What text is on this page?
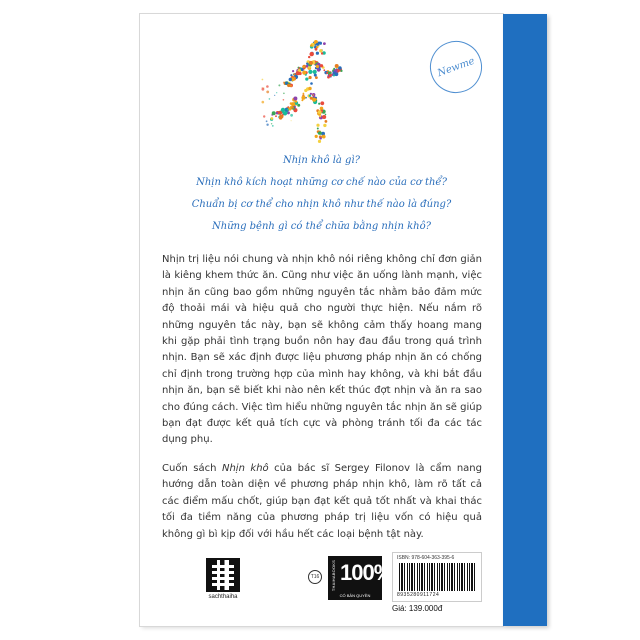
Newme
Nhịn khô là gì?
Nhịn khô kích hoạt những cơ chế nào của cơ thể?
Chuẩn bị cơ thể cho nhịn khô như thế nào là đúng?
Những bệnh gì có thể chữa bằng nhịn khô?

Nhịn trị liệu nói chung và nhịn khô nói riêng không chỉ đơn giản là kiêng khem thức ăn. Cũng như việc ăn uống lành mạnh, việc nhịn ăn cũng bao gồm những nguyên tắc nhằm bảo đảm mức độ thoải mái và hiệu quả cho người thực hiện. Nếu nắm rõ những nguyên tắc này, bạn sẽ không cảm thấy hoang mang khi gặp phải tình trạng buồn nôn hay đau đầu trong quá trình nhịn. Bạn sẽ xác định được liệu phương pháp nhịn ăn có chống chỉ định trong trường hợp của mình hay không, và khi bắt đầu nhịn ăn, bạn sẽ biết khi nào nên kết thúc đợt nhịn và ăn ra sao cho đúng cách. Việc tìm hiểu những nguyên tắc nhịn ăn sẽ giúp bạn đạt được kết quả tích cực và phòng tránh tối đa các tác dụng phụ.

Cuốn sách Nhịn khô của bác sĩ Sergey Filonov là cẩm nang hướng dẫn toàn diện về phương pháp nhịn khô, làm rõ tất cả các điểm mấu chốt, giúp bạn đạt kết quả tốt nhất và khai thác tối đa tiềm năng của phương pháp trị liệu vốn có hiệu quả không gì bì kịp đối với hầu hết các loại bệnh tật này.

sachthaiha
T16	THAIHABOOKS 100%
CÓ BẢN QUYỀN
ISBN: 978-604-363-395-6
8935280911724
Giá: 139.000đ
